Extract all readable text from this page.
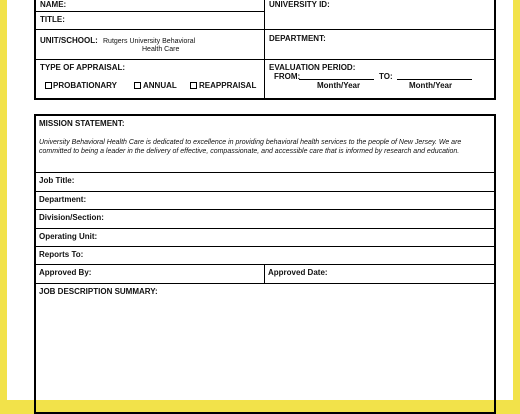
NAME:	UNIVERSITY ID:
TITLE:
UNIT/SCHOOL: Rutgers University Behavioral
Health Care
DEPARTMENT:
TYPE OF APPRAISAL:
PROBATIONARY	ANNUAL	REAPPRAISAL
EVALUATION PERIOD:
FROM:	TO:
Month/Year	Month/Year
MISSION STATEMENT:
University Behavioral Health Care is dedicated to excellence in providing behavioral health services to the people of New Jersey. We are committed to being a leader in the delivery of effective, compassionate, and accessible care that is informed by research and education.
Job Title:
Department:
Division/Section:
Operating Unit:
Reports To:
Approved By:	Approved Date:
JOB DESCRIPTION SUMMARY:
